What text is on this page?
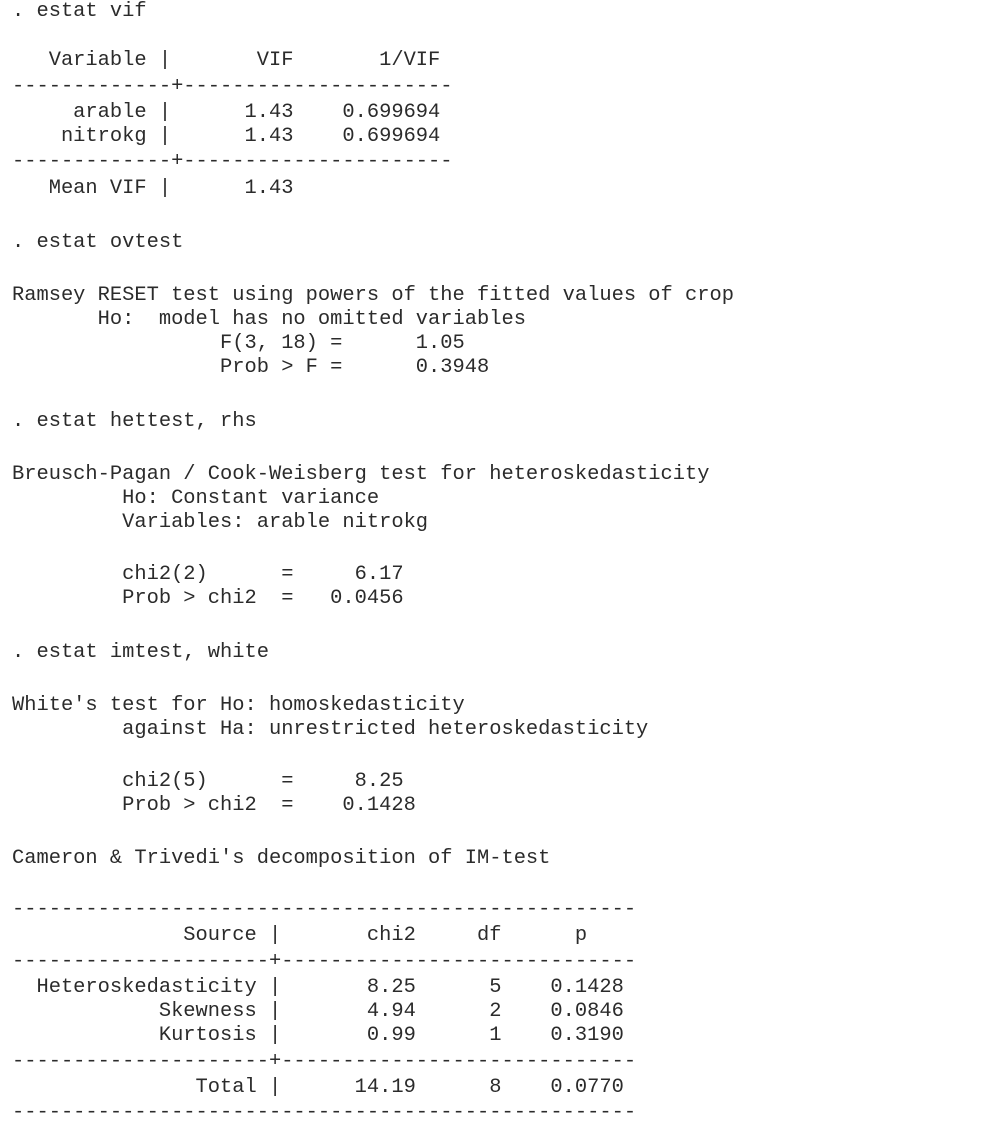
. estat vif
Variable |       VIF       1/VIF
-------------+----------------------
arable |      1.43    0.699694
nitrokg |      1.43    0.699694
-------------+----------------------
Mean VIF |      1.43
. estat ovtest
Ramsey RESET test using powers of the fitted values of crop
Ho:  model has no omitted variables
F(3, 18) =      1.05
Prob > F =      0.3948
. estat hettest, rhs
Breusch-Pagan / Cook-Weisberg test for heteroskedasticity
Ho: Constant variance
Variables: arable nitrokg
chi2(2)      =     6.17
Prob > chi2  =   0.0456
. estat imtest, white
White's test for Ho: homoskedasticity
against Ha: unrestricted heteroskedasticity
chi2(5)      =     8.25
Prob > chi2  =    0.1428
Cameron & Trivedi's decomposition of IM-test
---------------------------------------------------
Source |       chi2     df      p
---------------------+-----------------------------
Heteroskedasticity |       8.25      5    0.1428
Skewness |       4.94      2    0.0846
Kurtosis |       0.99      1    0.3190
---------------------+-----------------------------
Total |      14.19      8    0.0770
---------------------------------------------------
